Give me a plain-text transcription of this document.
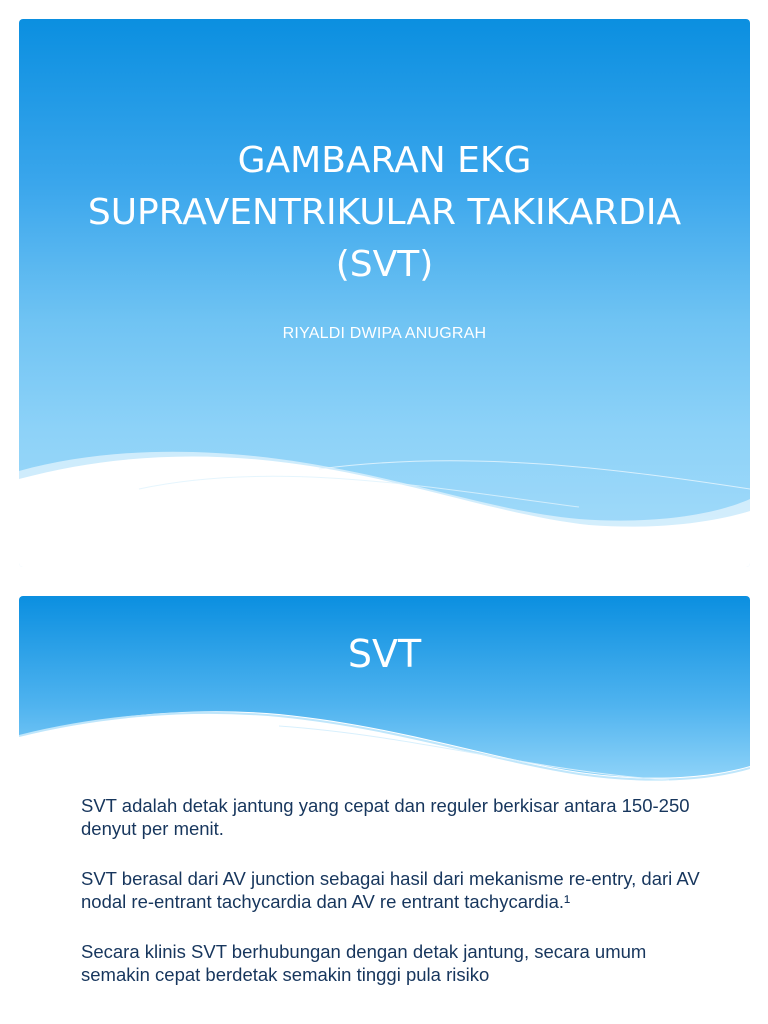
GAMBARAN EKG
SUPRAVENTRIKULAR TAKIKARDIA
(SVT)
RIYALDI DWIPA ANUGRAH
SVT

SVT adalah detak jantung yang cepat dan reguler berkisar antara 150-250 denyut per menit.

SVT berasal dari AV junction sebagai hasil dari mekanisme re-entry, dari AV nodal re-entrant tachycardia dan AV re entrant tachycardia.¹

Secara klinis SVT berhubungan dengan detak jantung, secara umum semakin cepat berdetak semakin tinggi pula risiko
